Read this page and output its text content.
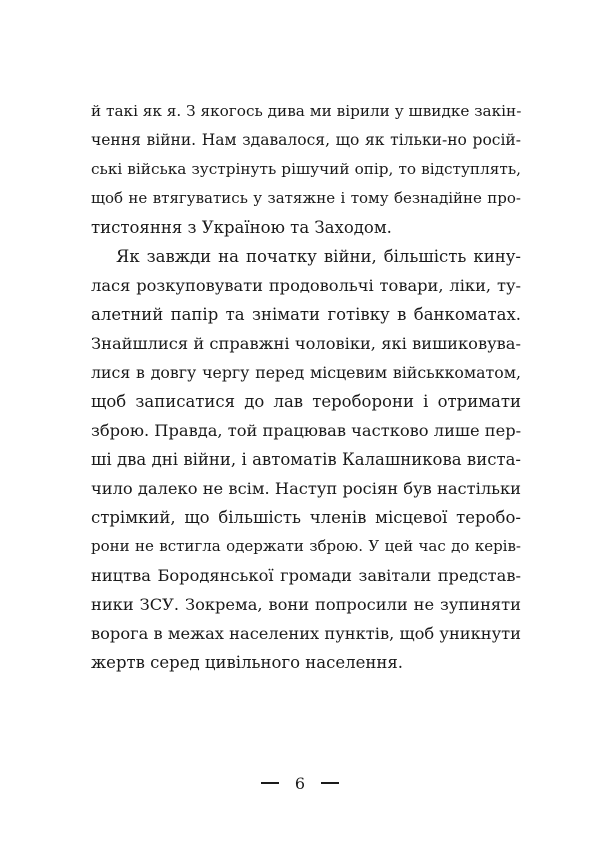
й такі як я. З якогось дива ми вірили у швидке закін-
чення війни. Нам здавалося, що як тільки-но росій-
ські війська зустрінуть рішучий опір, то відступлять,
щоб не втягуватись у затяжне і тому безнадійне про-
тистояння з Україною та Заходом.
Як завжди на початку війни, більшість кину-
лася розкуповувати продовольчі товари, ліки, ту-
алетний папір та знімати готівку в банкоматах.
Знайшлися й справжні чоловіки, які вишиковува-
лися в довгу чергу перед місцевим військкоматом,
щоб записатися до лав тероборони і отримати
зброю. Правда, той працював частково лише пер-
ші два дні війни, і автоматів Калашникова виста-
чило далеко не всім. Наступ росіян був настільки
стрімкий, що більшість членів місцевої теробо-
рони не встигла одержати зброю. У цей час до керів-
ництва Бородянської громади завітали представ-
ники ЗСУ. Зокрема, вони попросили не зупиняти
ворога в межах населених пунктів, щоб уникнути
жертв серед цивільного населення.
6
